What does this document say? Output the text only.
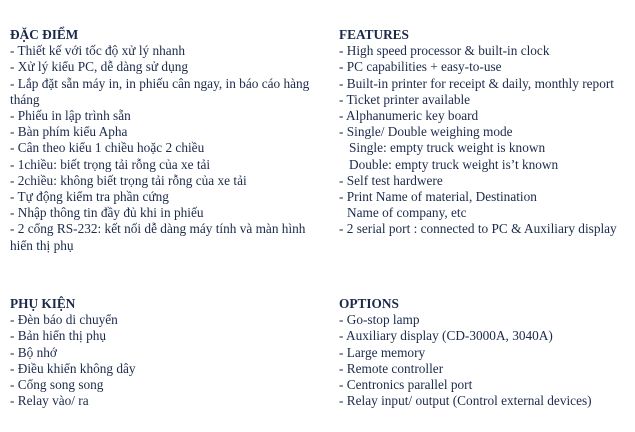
ĐẶC ĐIỂM
- Thiết kế với tốc độ xử lý nhanh
- Xử lý kiểu PC, dễ dàng sử dụng
- Lắp đặt sẵn máy in, in phiếu cân ngay, in báo cáo hàng tháng
- Phiếu in lập trình sẵn
- Bàn phím kiểu Apha
- Cân theo kiểu 1 chiều hoặc 2 chiều
- 1chiều: biết trọng tải rỗng của xe tải
- 2chiều: không biết trọng tải rỗng của xe tải
- Tự động kiểm tra phần cứng
- Nhập thông tin đầy đủ khi in phiếu
- 2 cổng RS-232: kết nối dễ dàng máy tính và màn hình hiển thị phụ
FEATURES
- High speed processor & built-in clock
- PC capabilities + easy-to-use
- Built-in printer for receipt & daily, monthly report
- Ticket printer available
- Alphanumeric key board
- Single/ Double weighing mode
Single: empty truck weight is known
Double: empty truck weight is’t known
- Self test hardwere
- Print Name of material, Destination
Name of company, etc
- 2 serial port : connected to PC & Auxiliary display
PHỤ KIỆN
- Đèn báo di chuyển
- Bản hiển thị phụ
- Bộ nhớ
- Điều khiển không dây
- Cổng song song
- Relay vào/ ra
OPTIONS
- Go-stop lamp
- Auxiliary display (CD-3000A, 3040A)
- Large memory
- Remote controller
- Centronics parallel port
- Relay input/ output (Control external devices)
